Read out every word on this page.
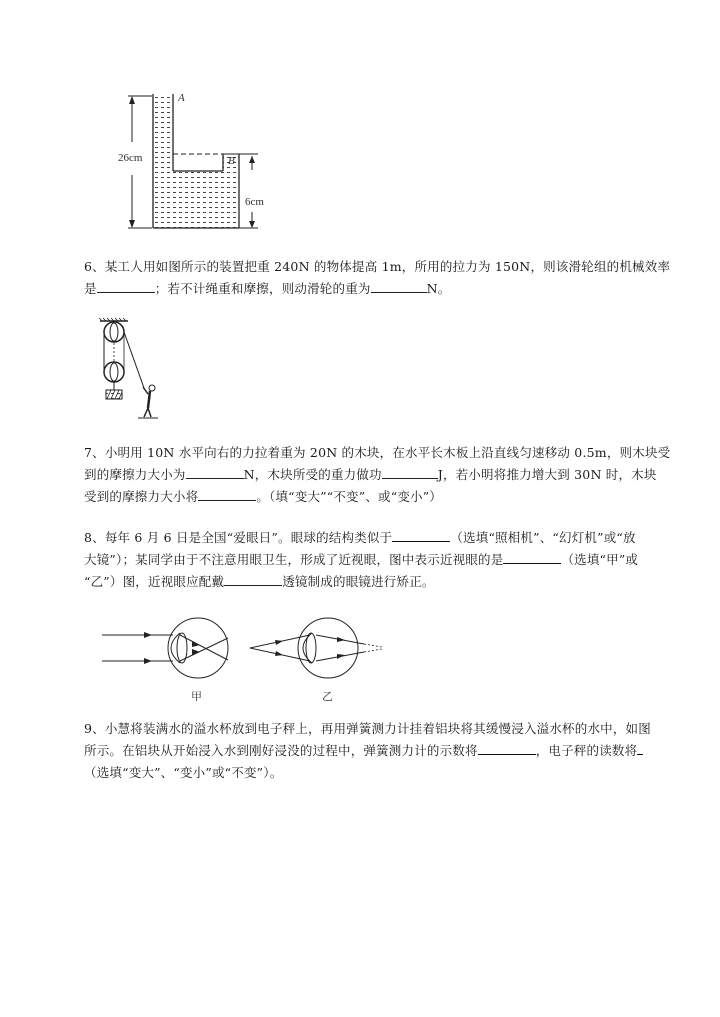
A
B
26cm
6cm
6、某工人用如图所示的装置把重 240N 的物体提高 1m，所用的拉力为 150N，则该滑轮组的机械效率
是	；若不计绳重和摩擦，则动滑轮的重为	N。
7、小明用 10N 水平向右的力拉着重为 20N 的木块，在水平长木板上沿直线匀速移动 0.5m，则木块受
到的摩擦力大小为	N，木块所受的重力做功	J，若小明将推力增大到 30N 时，木块
受到的摩擦力大小将	。（填“变大”“不变”、或“变小”）
8、每年 6 月 6 日是全国“爱眼日”。眼球的结构类似于	（选填“照相机”、“幻灯机”或“放
大镜”）；某同学由于不注意用眼卫生，形成了近视眼，图中表示近视眼的是	（选填“甲”或
“乙”）图，近视眼应配戴	透镜制成的眼镜进行矫正。
甲	乙
9、小慧将装满水的溢水杯放到电子秤上，再用弹簧测力计挂着铝块将其缓慢浸入溢水杯的水中，如图
所示。在铝块从开始浸入水到刚好浸没的过程中，弹簧测力计的示数将	，电子秤的读数将
（选填“变大”、“变小”或“不变”）。
